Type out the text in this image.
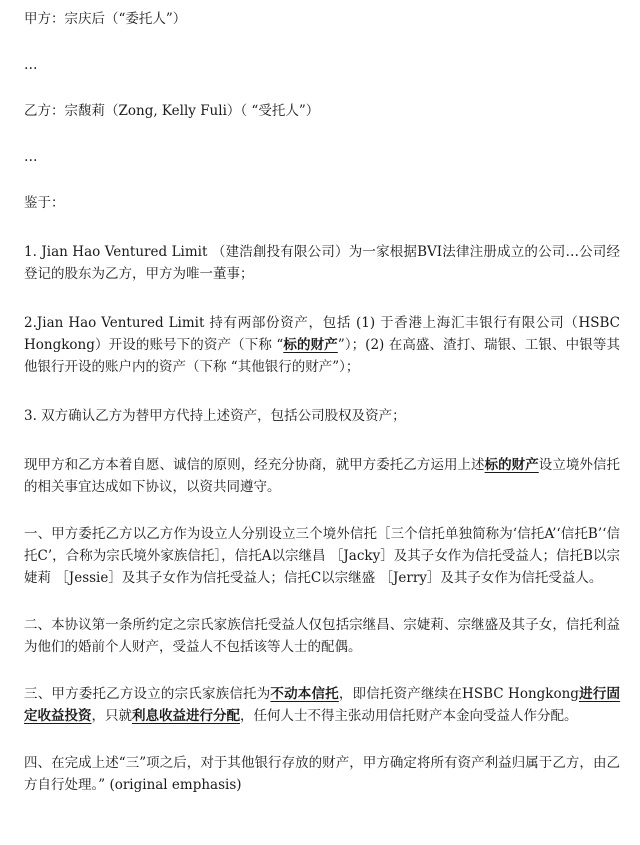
甲方：宗庆后（“委托人”）

…

乙方：宗馥莉（Zong, Kelly Fuli）（ “受托人”）

…

鉴于：

1. Jian Hao Ventured Limit （建浩創投有限公司）为一家根据BVI法律注册成立的公司…公司经登记的股东为乙方，甲方为唯一董事；

2.Jian Hao Ventured Limit 持有两部份资产，包括 (1) 于香港上海汇丰银行有限公司（HSBC Hongkong）开设的账号下的资产（下称 “标的财产”）；(2) 在高盛、渣打、瑞银、工银、中银等其他银行开设的账户内的资产（下称 “其他银行的财产”）；

3. 双方确认乙方为替甲方代持上述资产，包括公司股权及资产；

现甲方和乙方本着自愿、诚信的原则，经充分协商，就甲方委托乙方运用上述标的财产设立境外信托的相关事宜达成如下协议，以资共同遵守。

一、甲方委托乙方以乙方作为设立人分别设立三个境外信托［三个信托单独简称为‘信托A’‘信托B’‘信托C’，合称为宗氏境外家族信托］，信托A以宗继昌 ［Jacky］及其子女作为信托受益人；信托B以宗婕莉 ［Jessie］及其子女作为信托受益人；信托C以宗继盛 ［Jerry］及其子女作为信托受益人。

二、本协议第一条所约定之宗氏家族信托受益人仅包括宗继昌、宗婕莉、宗继盛及其子女，信托利益为他们的婚前个人财产，受益人不包括该等人士的配偶。

三、甲方委托乙方设立的宗氏家族信托为不动本信托，即信托资产继续在HSBC Hongkong进行固定收益投资，只就利息收益进行分配，任何人士不得主张动用信托财产本金向受益人作分配。

四、在完成上述“三”项之后，对于其他银行存放的财产，甲方确定将所有资产利益归属于乙方，由乙方自行处理。” (original emphasis)
